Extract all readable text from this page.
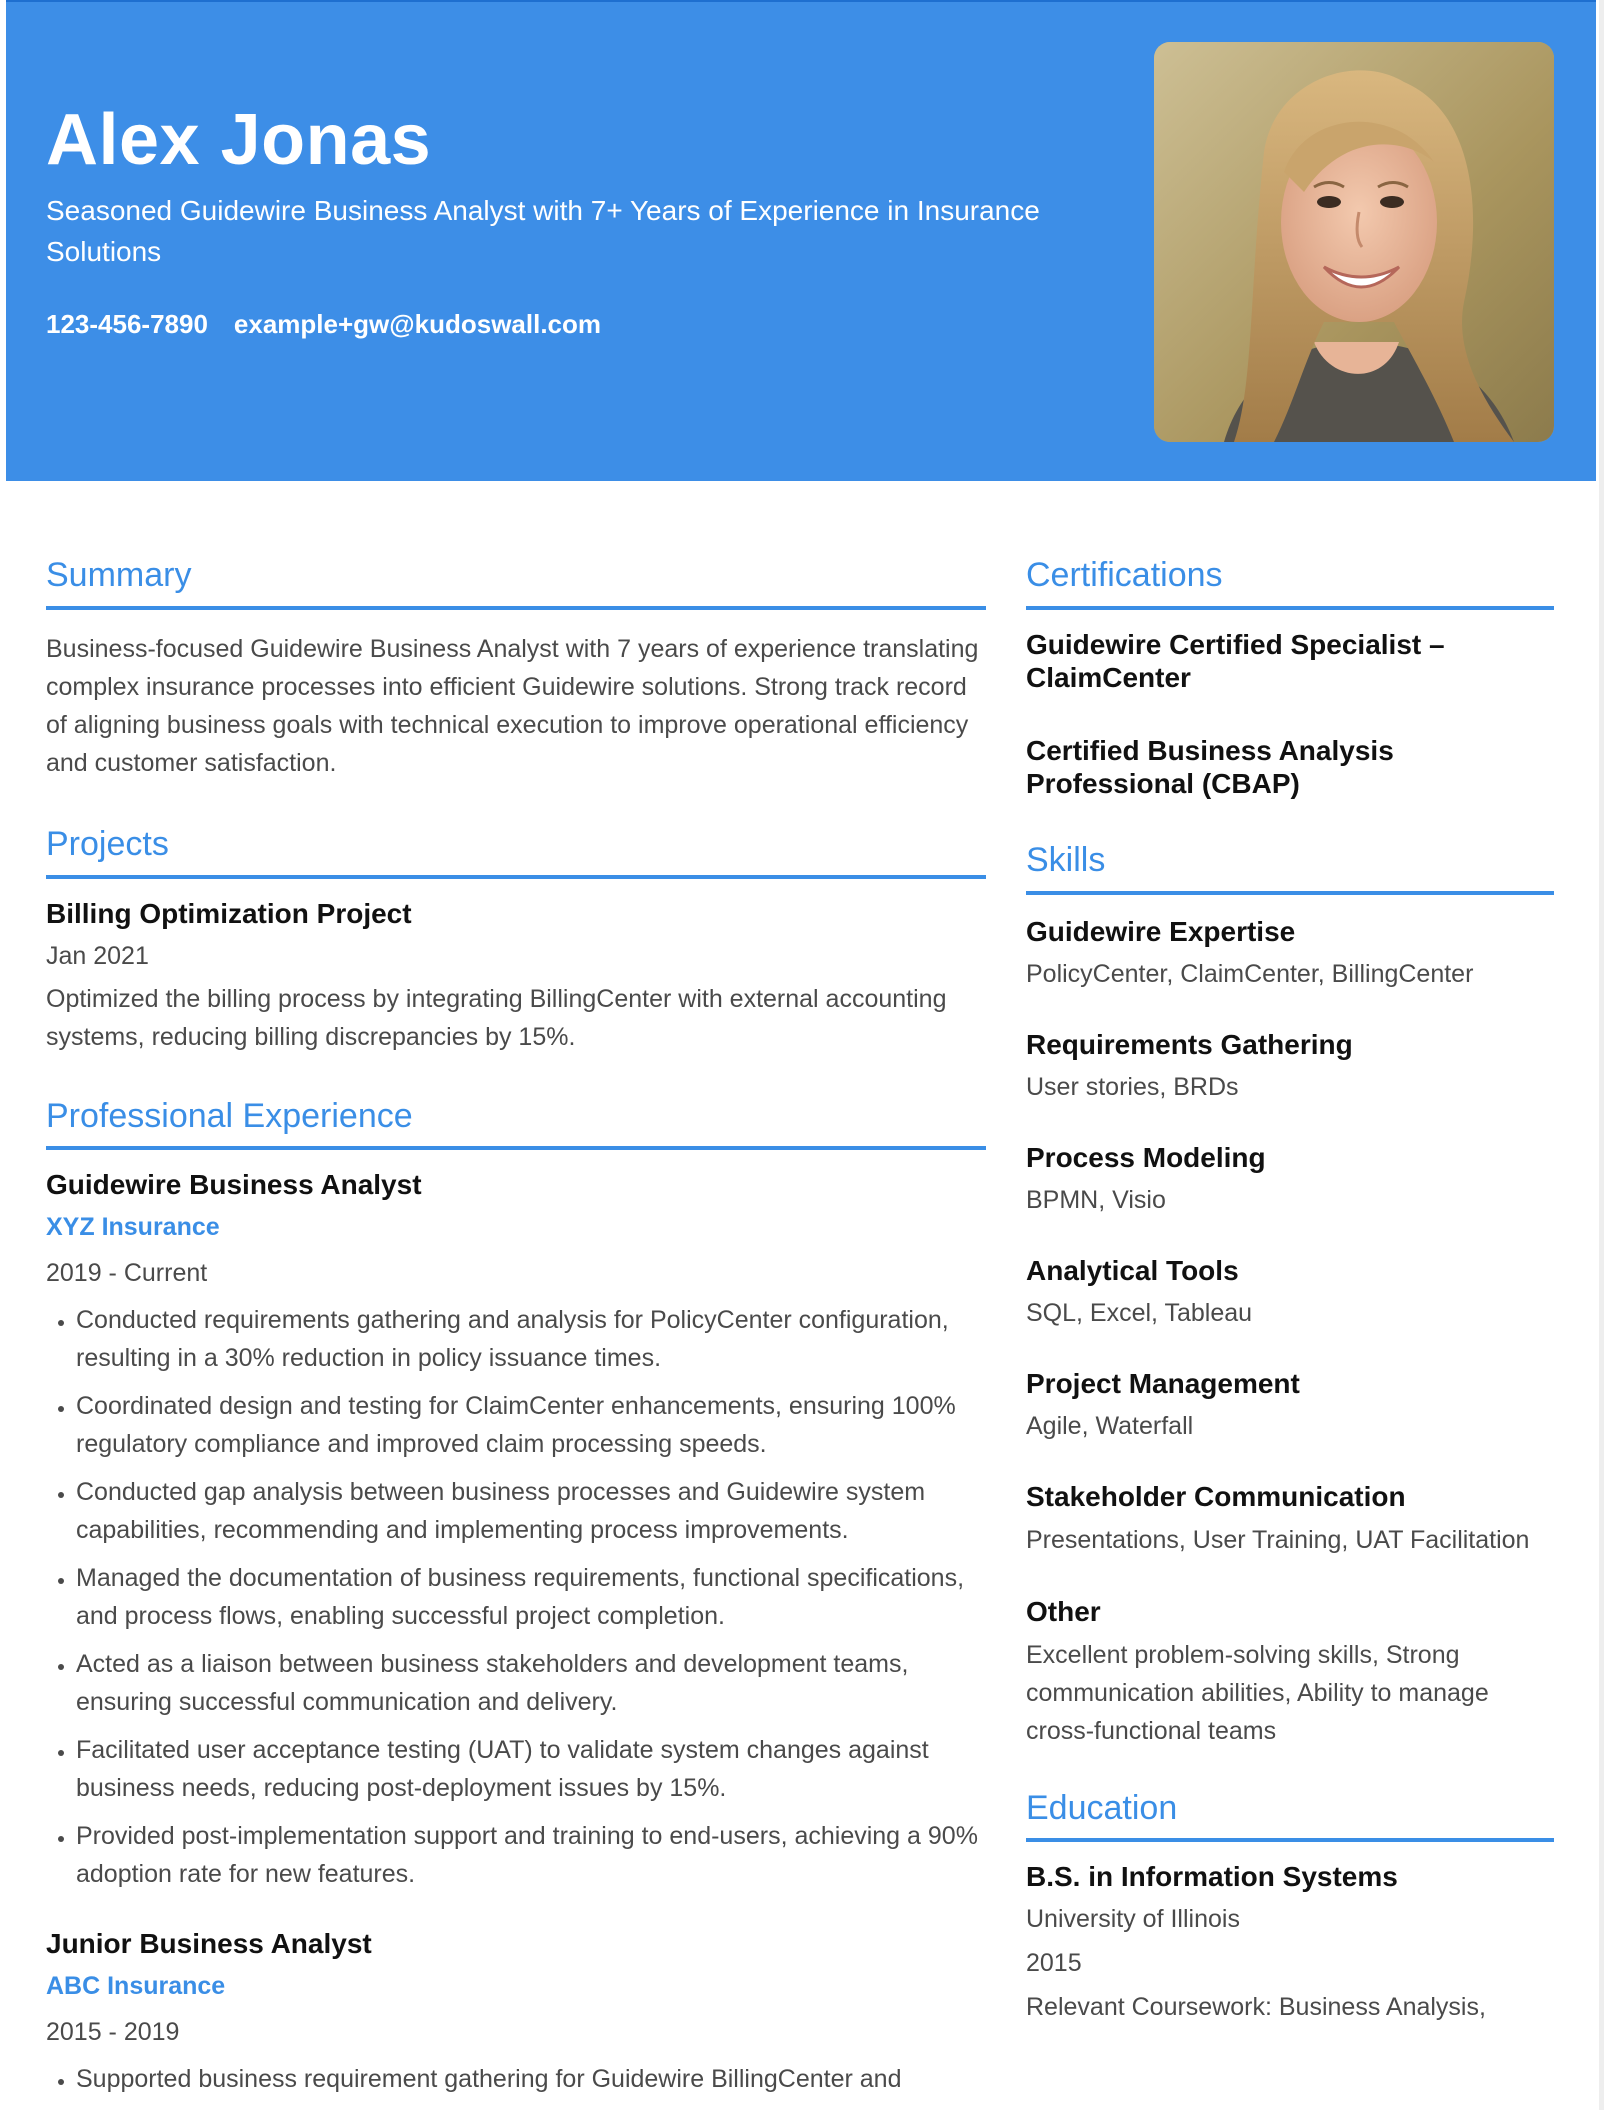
Alex Jonas

Seasoned Guidewire Business Analyst with 7+ Years of Experience in Insurance Solutions

123-456-7890 example+gw@kudoswall.com
Summary

Business-focused Guidewire Business Analyst with 7 years of experience translating complex insurance processes into efficient Guidewire solutions. Strong track record of aligning business goals with technical execution to improve operational efficiency and customer satisfaction.

Projects

Billing Optimization Project

Jan 2021

Optimized the billing process by integrating BillingCenter with external accounting systems, reducing billing discrepancies by 15%.

Professional Experience

Guidewire Business Analyst

XYZ Insurance

2019 - Current

• Conducted requirements gathering and analysis for PolicyCenter configuration, resulting in a 30% reduction in policy issuance times.
• Coordinated design and testing for ClaimCenter enhancements, ensuring 100% regulatory compliance and improved claim processing speeds.
• Conducted gap analysis between business processes and Guidewire system capabilities, recommending and implementing process improvements.
• Managed the documentation of business requirements, functional specifications, and process flows, enabling successful project completion.
• Acted as a liaison between business stakeholders and development teams, ensuring successful communication and delivery.
• Facilitated user acceptance testing (UAT) to validate system changes against business needs, reducing post-deployment issues by 15%.
• Provided post-implementation support and training to end-users, achieving a 90% adoption rate for new features.

Junior Business Analyst

ABC Insurance

2015 - 2019

• Supported business requirement gathering for Guidewire BillingCenter and
Certifications

Guidewire Certified Specialist – ClaimCenter

Certified Business Analysis Professional (CBAP)

Skills

Guidewire Expertise

PolicyCenter, ClaimCenter, BillingCenter

Requirements Gathering

User stories, BRDs

Process Modeling

BPMN, Visio

Analytical Tools

SQL, Excel, Tableau

Project Management

Agile, Waterfall

Stakeholder Communication

Presentations, User Training, UAT Facilitation

Other

Excellent problem-solving skills, Strong communication abilities, Ability to manage cross-functional teams

Education

B.S. in Information Systems

University of Illinois

2015

Relevant Coursework: Business Analysis,
